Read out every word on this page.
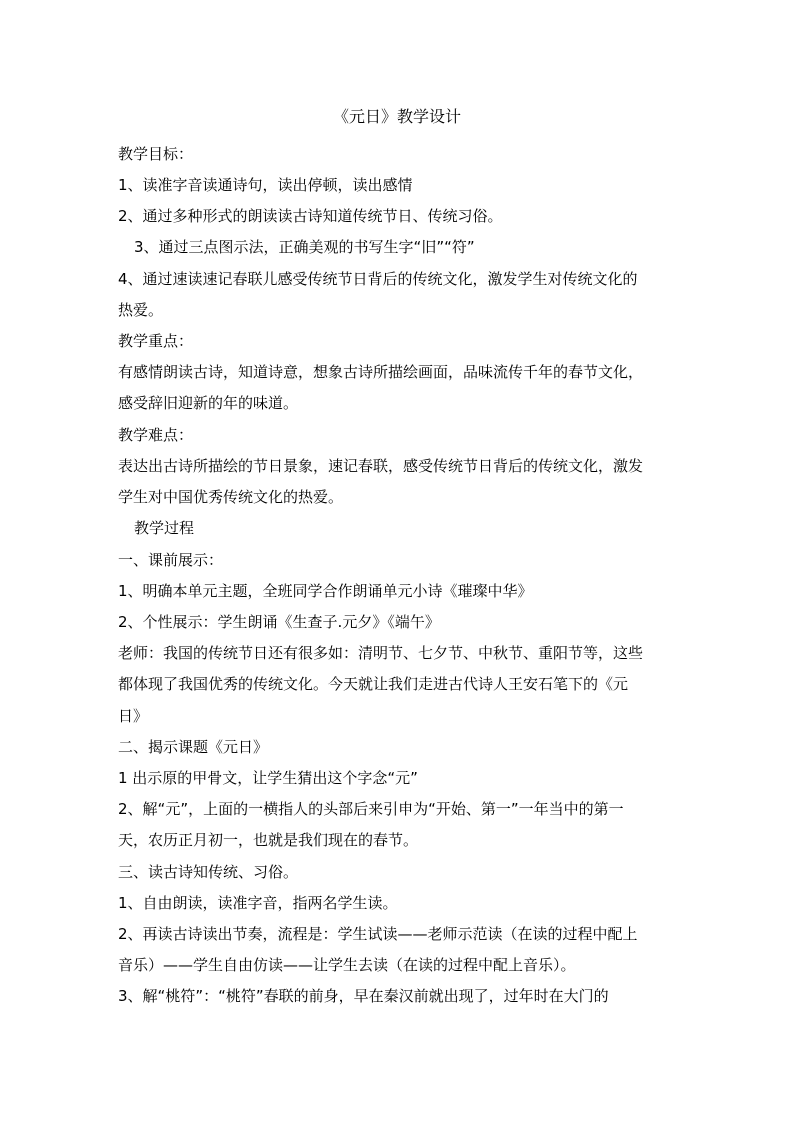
《元日》教学设计
教学目标：
1、读准字音读通诗句，读出停顿，读出感情
2、通过多种形式的朗读读古诗知道传统节日、传统习俗。
3、通过三点图示法，正确美观的书写生字“旧”“符”
4、通过速读速记春联儿感受传统节日背后的传统文化，激发学生对传统文化的
热爱。
教学重点：
有感情朗读古诗，知道诗意，想象古诗所描绘画面，品味流传千年的春节文化，
感受辞旧迎新的年的味道。
教学难点：
表达出古诗所描绘的节日景象，速记春联，感受传统节日背后的传统文化，激发
学生对中国优秀传统文化的热爱。
教学过程
一、课前展示：
1、明确本单元主题，全班同学合作朗诵单元小诗《璀璨中华》
2、个性展示：学生朗诵《生查子.元夕》《端午》
老师：我国的传统节日还有很多如：清明节、七夕节、中秋节、重阳节等，这些
都体现了我国优秀的传统文化。今天就让我们走进古代诗人王安石笔下的《元
日》
二、揭示课题《元日》
1 出示原的甲骨文，让学生猜出这个字念“元”
2、解“元”，上面的一横指人的头部后来引申为“开始、第一”一年当中的第一
天，农历正月初一，也就是我们现在的春节。
三、读古诗知传统、习俗。
1、自由朗读，读准字音，指两名学生读。
2、再读古诗读出节奏，流程是：学生试读——老师示范读（在读的过程中配上
音乐）——学生自由仿读——让学生去读（在读的过程中配上音乐）。
3、解“桃符”：“桃符”春联的前身，早在秦汉前就出现了，过年时在大门的
